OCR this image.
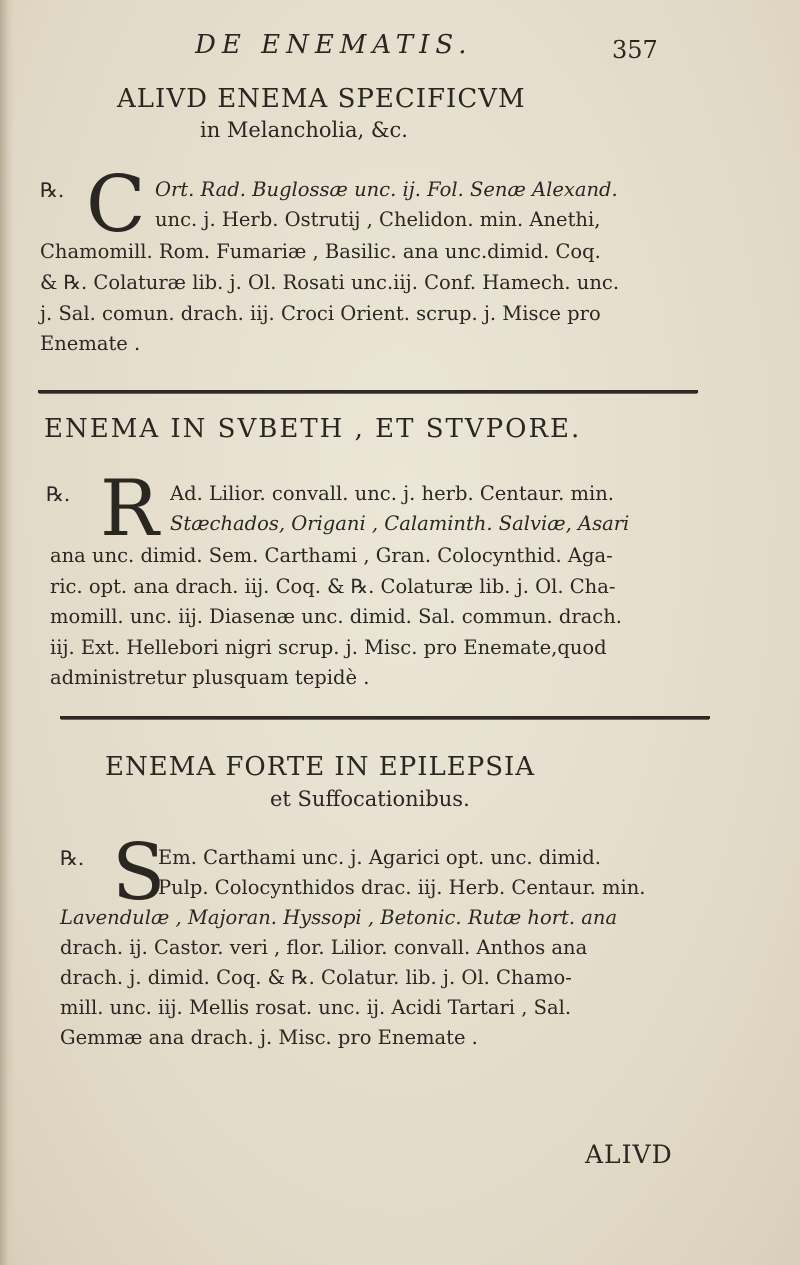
DE ENEMATIS.	357
ALIVD ENEMA SPECIFICVM
in Melancholia, &c.
℞. C Ort. Rad. Buglossæ unc. ij. Fol. Senæ Alexand.
unc. j. Herb. Ostrutij , Chelidon. min. Anethi,
Chamomill. Rom. Fumariæ , Basilic. ana unc.dimid. Coq.
& ℞. Colaturæ lib. j. Ol. Rosati unc.iij. Conf. Hamech. unc.
j. Sal. comun. drach. iij. Croci Orient. scrup. j. Misce pro
Enemate .
ENEMA IN SVBETH , ET STVPORE.
℞. R Ad. Lilior. convall. unc. j. herb. Centaur. min.
Stæchados, Origani , Calaminth. Salviæ, Asari
ana unc. dimid. Sem. Carthami , Gran. Colocynthid. Aga-
ric. opt. ana drach. iij. Coq. & ℞. Colaturæ lib. j. Ol. Cha-
momill. unc. iij. Diasenæ unc. dimid. Sal. commun. drach.
iij. Ext. Hellebori nigri scrup. j. Misc. pro Enemate,quod
administretur plusquam tepidè .
ENEMA FORTE IN EPILEPSIA
et Suffocationibus.
℞. S
Em. Carthami unc. j. Agarici opt. unc. dimid.
Pulp. Colocynthidos drac. iij. Herb. Centaur. min.
Lavendulæ , Majoran. Hyssopi , Betonic. Rutæ hort. ana
drach. ij. Castor. veri , flor. Lilior. convall. Anthos ana
drach. j. dimid. Coq. & ℞. Colatur. lib. j. Ol. Chamo-
mill. unc. iij. Mellis rosat. unc. ij. Acidi Tartari , Sal.
Gemmæ ana drach. j. Misc. pro Enemate .
ALIVD
